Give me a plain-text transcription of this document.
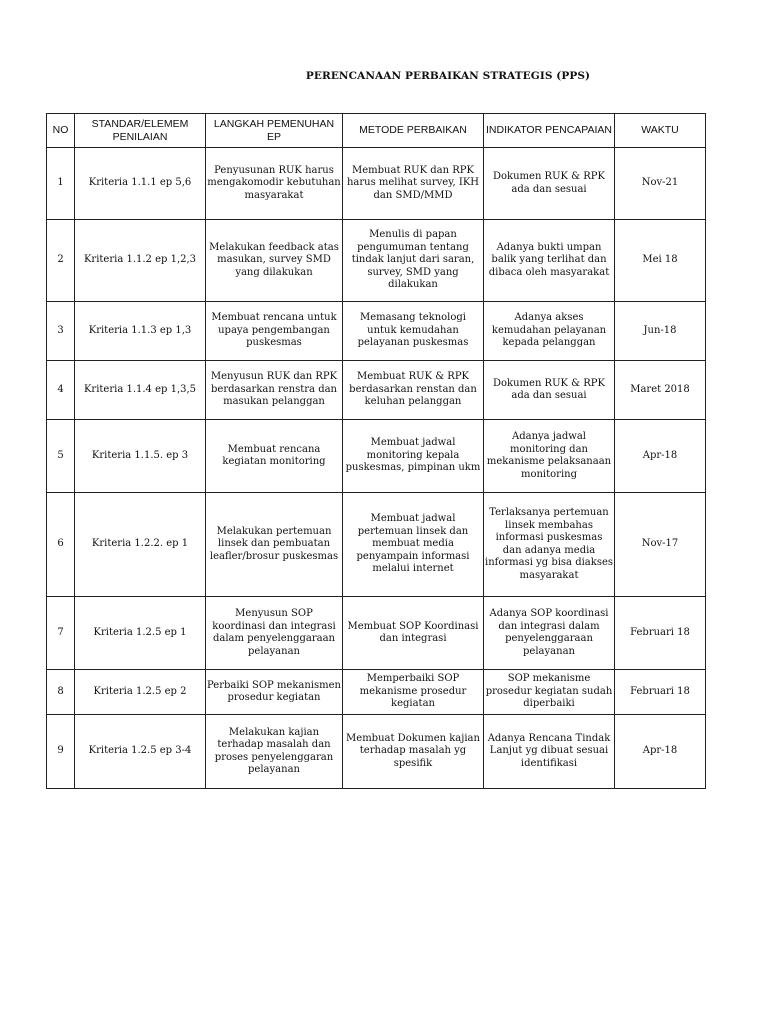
PERENCANAAN PERBAIKAN STRATEGIS (PPS)
NO	STANDAR/ELEMEM PENILAIAN	LANGKAH PEMENUHAN EP	METODE PERBAIKAN	INDIKATOR PENCAPAIAN	WAKTU
1	Kriteria 1.1.1 ep 5,6	Penyusunan RUK harus mengakomodir kebutuhan masyarakat	Membuat RUK dan RPK harus melihat survey, IKH dan SMD/MMD	Dokumen RUK & RPK ada dan sesuai	Nov-21
2	Kriteria 1.1.2 ep 1,2,3	Melakukan feedback atas masukan, survey SMD yang dilakukan	Menulis di papan pengumuman tentang tindak lanjut dari saran, survey, SMD yang dilakukan	Adanya bukti umpan balik yang terlihat dan dibaca oleh masyarakat	Mei 18
3	Kriteria 1.1.3 ep 1,3	Membuat rencana untuk upaya pengembangan puskesmas	Memasang teknologi untuk kemudahan pelayanan puskesmas	Adanya akses kemudahan pelayanan kepada pelanggan	Jun-18
4	Kriteria 1.1.4 ep 1,3,5	Menyusun RUK dan RPK berdasarkan renstra dan masukan pelanggan	Membuat RUK & RPK berdasarkan renstan dan keluhan pelanggan	Dokumen RUK & RPK ada dan sesuai	Maret 2018
5	Kriteria 1.1.5. ep 3	Membuat rencana kegiatan monitoring	Membuat jadwal monitoring kepala puskesmas, pimpinan ukm	Adanya jadwal monitoring dan mekanisme pelaksanaan monitoring	Apr-18
6	Kriteria 1.2.2. ep 1	Melakukan pertemuan linsek dan pembuatan leafler/brosur puskesmas	Membuat jadwal pertemuan linsek dan membuat media penyampain informasi melalui internet	Terlaksanya pertemuan linsek membahas informasi puskesmas dan adanya media informasi yg bisa diakses masyarakat	Nov-17
7	Kriteria 1.2.5 ep 1	Menyusun SOP koordinasi dan integrasi dalam penyelenggaraan pelayanan	Membuat SOP Koordinasi dan integrasi	Adanya SOP koordinasi dan integrasi dalam penyelenggaraan pelayanan	Februari 18
8	Kriteria 1.2.5 ep 2	Perbaiki SOP mekanismen prosedur kegiatan	Memperbaiki SOP mekanisme prosedur kegiatan	SOP mekanisme prosedur kegiatan sudah diperbaiki	Februari 18
9	Kriteria 1.2.5 ep 3-4	Melakukan kajian terhadap masalah dan proses penyelenggaran pelayanan	Membuat Dokumen kajian terhadap masalah yg spesifik	Adanya Rencana Tindak Lanjut yg dibuat sesuai identifikasi	Apr-18
